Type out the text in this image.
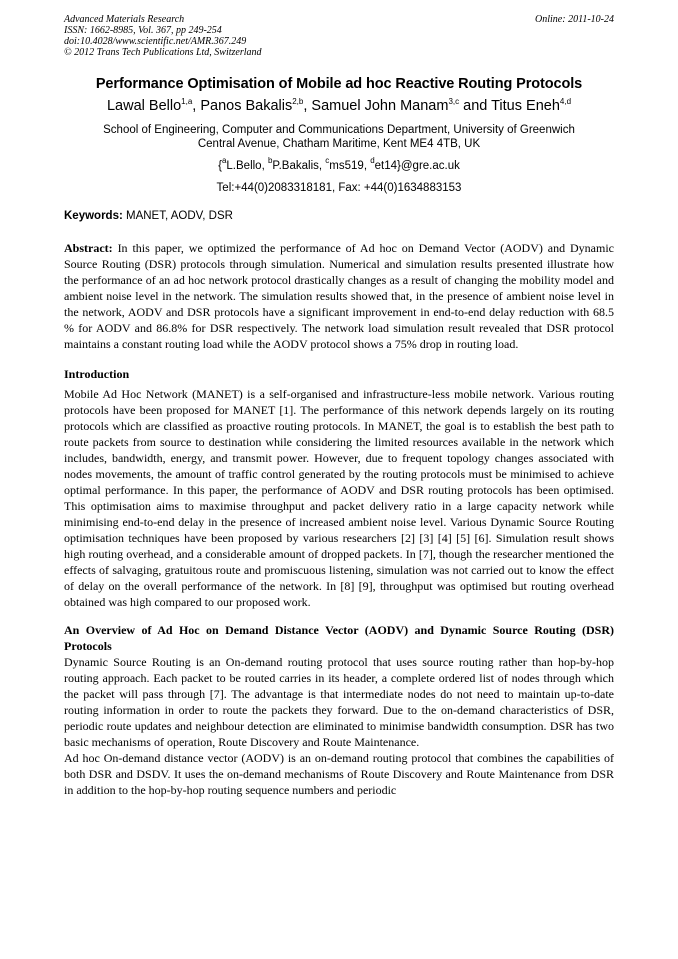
Advanced Materials Research
ISSN: 1662-8985, Vol. 367, pp 249-254
doi:10.4028/www.scientific.net/AMR.367.249
© 2012 Trans Tech Publications Ltd, Switzerland
Online: 2011-10-24
Performance Optimisation of Mobile ad hoc Reactive Routing Protocols
Lawal Bello$^{1,a}$, Panos Bakalis$^{2,b}$, Samuel John Manam$^{3,c}$ and Titus Eneh$^{4,d}$
School of Engineering, Computer and Communications Department, University of Greenwich
Central Avenue, Chatham Maritime, Kent ME4 4TB, UK
{$^a$L.Bello, $^b$P.Bakalis, $^c$ms519, $^d$et14}@gre.ac.uk
Tel:+44(0)2083318181, Fax: +44(0)1634883153
Keywords: MANET, AODV, DSR

Abstract: In this paper, we optimized the performance of Ad hoc on Demand Vector (AODV) and Dynamic Source Routing (DSR) protocols through simulation. Numerical and simulation results presented illustrate how the performance of an ad hoc network protocol drastically changes as a result of changing the mobility model and ambient noise level in the network. The simulation results showed that, in the presence of ambient noise level in the network, AODV and DSR protocols have a significant improvement in end-to-end delay reduction with 68.5 % for AODV and 86.8% for DSR respectively. The network load simulation result revealed that DSR protocol maintains a constant routing load while the AODV protocol shows a 75% drop in routing load.

Introduction

Mobile Ad Hoc Network (MANET) is a self-organised and infrastructure-less mobile network. Various routing protocols have been proposed for MANET [1]. The performance of this network depends largely on its routing protocols which are classified as proactive routing protocols. In MANET, the goal is to establish the best path to route packets from source to destination while considering the limited resources available in the network which includes, bandwidth, energy, and transmit power. However, due to frequent topology changes associated with nodes movements, the amount of traffic control generated by the routing protocols must be minimised to achieve optimal performance. In this paper, the performance of AODV and DSR routing protocols has been optimised. This optimisation aims to maximise throughput and packet delivery ratio in a large capacity network while minimising end-to-end delay in the presence of increased ambient noise level. Various Dynamic Source Routing optimisation techniques have been proposed by various researchers [2] [3] [4] [5] [6]. Simulation result shows high routing overhead, and a considerable amount of dropped packets. In [7], though the researcher mentioned the effects of salvaging, gratuitous route and promiscuous listening, simulation was not carried out to know the effect of delay on the overall performance of the network. In [8] [9], throughput was optimised but routing overhead obtained was high compared to our proposed work.

An Overview of Ad Hoc on Demand Distance Vector (AODV) and Dynamic Source Routing (DSR) Protocols

Dynamic Source Routing is an On-demand routing protocol that uses source routing rather than hop-by-hop routing approach. Each packet to be routed carries in its header, a complete ordered list of nodes through which the packet will pass through [7]. The advantage is that intermediate nodes do not need to maintain up-to-date routing information in order to route the packets they forward. Due to the on-demand characteristics of DSR, periodic route updates and neighbour detection are eliminated to minimise bandwidth consumption. DSR has two basic mechanisms of operation, Route Discovery and Route Maintenance.

Ad hoc On-demand distance vector (AODV) is an on-demand routing protocol that combines the capabilities of both DSR and DSDV. It uses the on-demand mechanisms of Route Discovery and Route Maintenance from DSR in addition to the hop-by-hop routing sequence numbers and periodic
